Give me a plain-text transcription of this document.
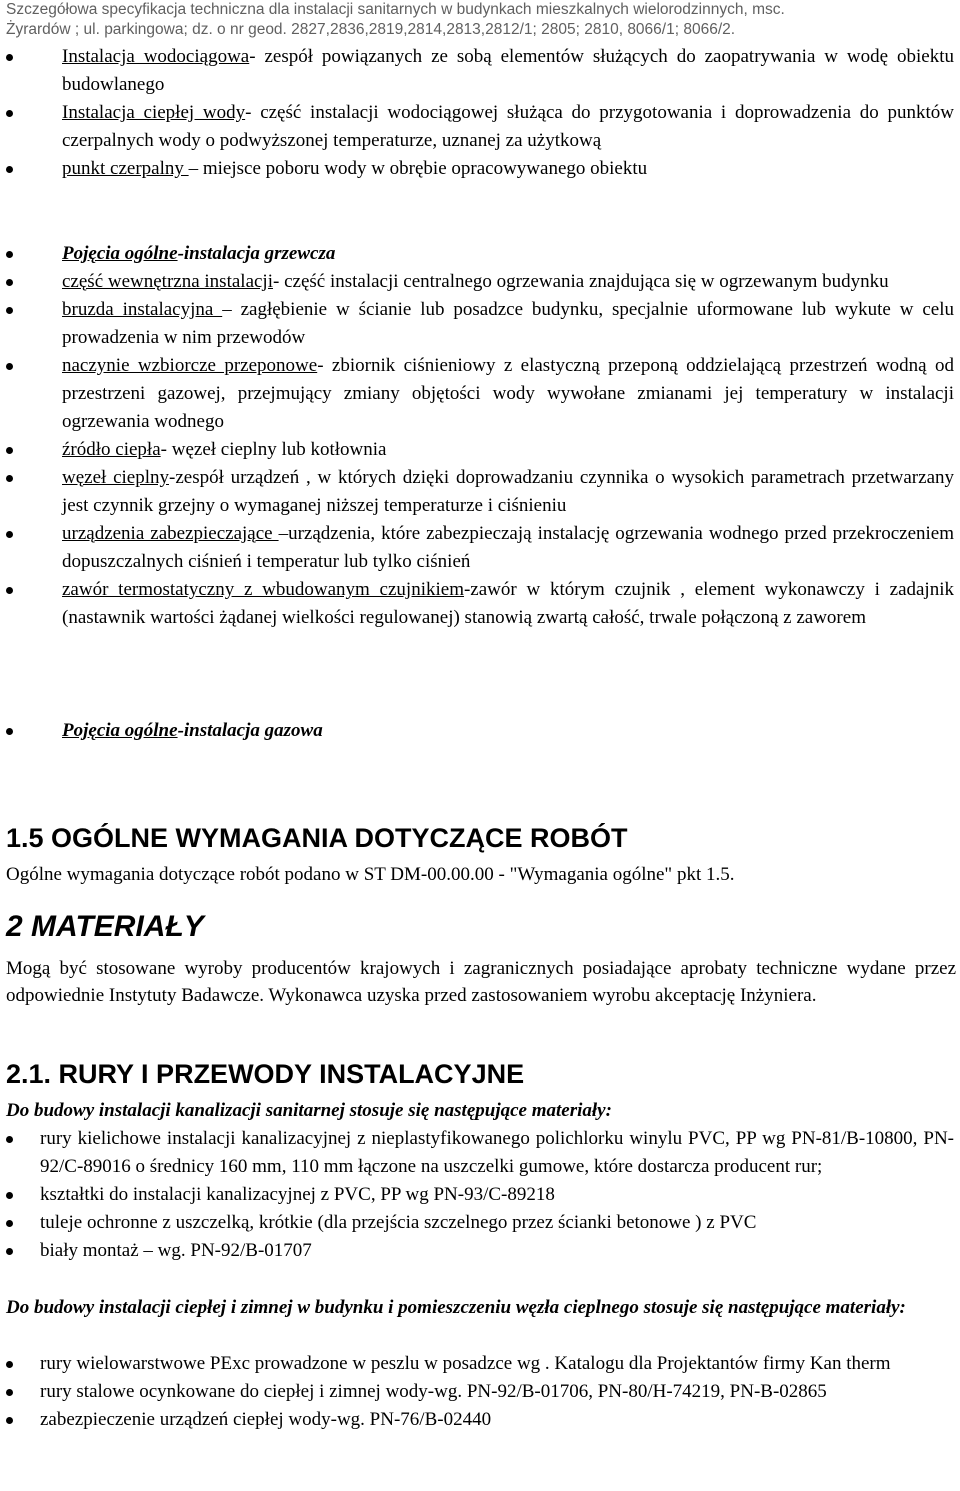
Szczegółowa specyfikacja techniczna dla instalacji sanitarnych w budynkach mieszkalnych wielorodzinnych, msc.
Żyrardów ; ul. parkingowa; dz. o nr geod. 2827,2836,2819,2814,2813,2812/1; 2805; 2810, 8066/1; 8066/2.
Instalacja wodociągowa- zespół powiązanych ze sobą elementów służących do zaopatrywania w wodę obiektu budowlanego
Instalacja ciepłej wody- część instalacji wodociągowej służąca do przygotowania i doprowadzenia do punktów czerpalnych wody o podwyższonej temperaturze, uznanej za użytkową
punkt czerpalny – miejsce poboru wody w obrębie opracowywanego obiektu
Pojęcia ogólne-instalacja grzewcza
część wewnętrzna instalacji- część instalacji centralnego ogrzewania znajdująca się w ogrzewanym budynku
bruzda instalacyjna – zagłębienie w ścianie lub posadzce budynku, specjalnie uformowane lub wykute w celu prowadzenia w nim przewodów
naczynie wzbiorcze przeponowe- zbiornik ciśnieniowy z elastyczną przeponą oddzielającą przestrzeń wodną od przestrzeni gazowej, przejmujący zmiany objętości wody wywołane zmianami jej temperatury w instalacji ogrzewania wodnego
źródło ciepła- węzeł cieplny lub kotłownia
węzeł cieplny-zespół urządzeń , w których dzięki doprowadzaniu czynnika o wysokich parametrach przetwarzany jest czynnik grzejny o wymaganej niższej temperaturze i ciśnieniu
urządzenia zabezpieczające –urządzenia, które zabezpieczają instalację ogrzewania wodnego przed przekroczeniem dopuszczalnych ciśnień i temperatur lub tylko ciśnień
zawór termostatyczny z wbudowanym czujnikiem-zawór w którym czujnik , element wykonawczy i zadajnik (nastawnik wartości żądanej wielkości regulowanej) stanowią zwartą całość, trwale połączoną z zaworem
Pojęcia ogólne-instalacja gazowa
1.5 OGÓLNE WYMAGANIA DOTYCZĄCE ROBÓT

Ogólne wymagania dotyczące robót podano w ST DM-00.00.00 - "Wymagania ogólne" pkt 1.5.

2 MATERIAŁY

Mogą być stosowane wyroby producentów krajowych i zagranicznych posiadające aprobaty techniczne wydane przez odpowiednie Instytuty Badawcze. Wykonawca uzyska przed zastosowaniem wyrobu akceptację Inżyniera.

2.1. RURY I PRZEWODY INSTALACYJNE

Do budowy instalacji kanalizacji sanitarnej stosuje się następujące materiały:

rury kielichowe instalacji kanalizacyjnej z nieplastyfikowanego polichlorku winylu PVC, PP wg PN-81/B-10800, PN-92/C-89016 o średnicy 160 mm, 110 mm łączone na uszczelki gumowe, które dostarcza producent rur;
kształtki do instalacji kanalizacyjnej z PVC, PP wg PN-93/C-89218
tuleje ochronne z uszczelką, krótkie (dla przejścia szczelnego przez ścianki betonowe ) z PVC
biały montaż – wg. PN-92/B-01707

Do budowy instalacji ciepłej i zimnej w budynku i pomieszczeniu węzła cieplnego stosuje się następujące materiały:

rury wielowarstwowe PExc prowadzone w peszlu w posadzce wg . Katalogu dla Projektantów firmy Kan therm
rury stalowe ocynkowane do ciepłej i zimnej wody-wg. PN-92/B-01706, PN-80/H-74219, PN-B-02865
zabezpieczenie urządzeń ciepłej wody-wg. PN-76/B-02440
